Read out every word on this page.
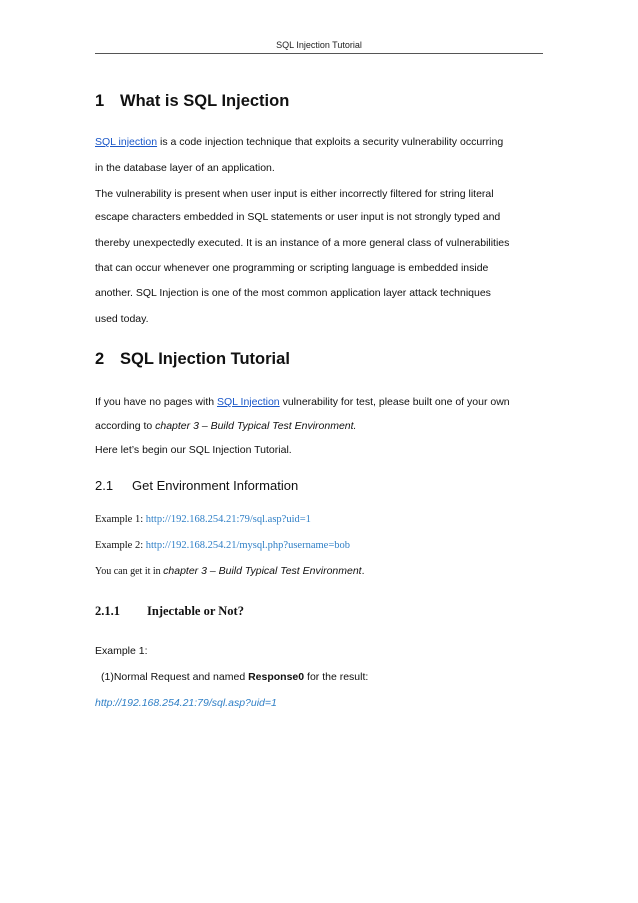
SQL Injection Tutorial
1 What is SQL Injection

SQL injection is a code injection technique that exploits a security vulnerability occurring

in the database layer of an application.

The vulnerability is present when user input is either incorrectly filtered for string literal

escape characters embedded in SQL statements or user input is not strongly typed and

thereby unexpectedly executed. It is an instance of a more general class of vulnerabilities

that can occur whenever one programming or scripting language is embedded inside

another. SQL Injection is one of the most common application layer attack techniques

used today.

2 SQL Injection Tutorial

If you have no pages with SQL Injection vulnerability for test, please built one of your own

according to chapter 3 – Build Typical Test Environment.

Here let’s begin our SQL Injection Tutorial.

2.1 Get Environment Information

Example 1: http://192.168.254.21:79/sql.asp?uid=1

Example 2: http://192.168.254.21/mysql.php?username=bob

You can get it in chapter 3 – Build Typical Test Environment.

2.1.1 Injectable or Not?

Example 1:

(1)Normal Request and named Response0 for the result:

http://192.168.254.21:79/sql.asp?uid=1
